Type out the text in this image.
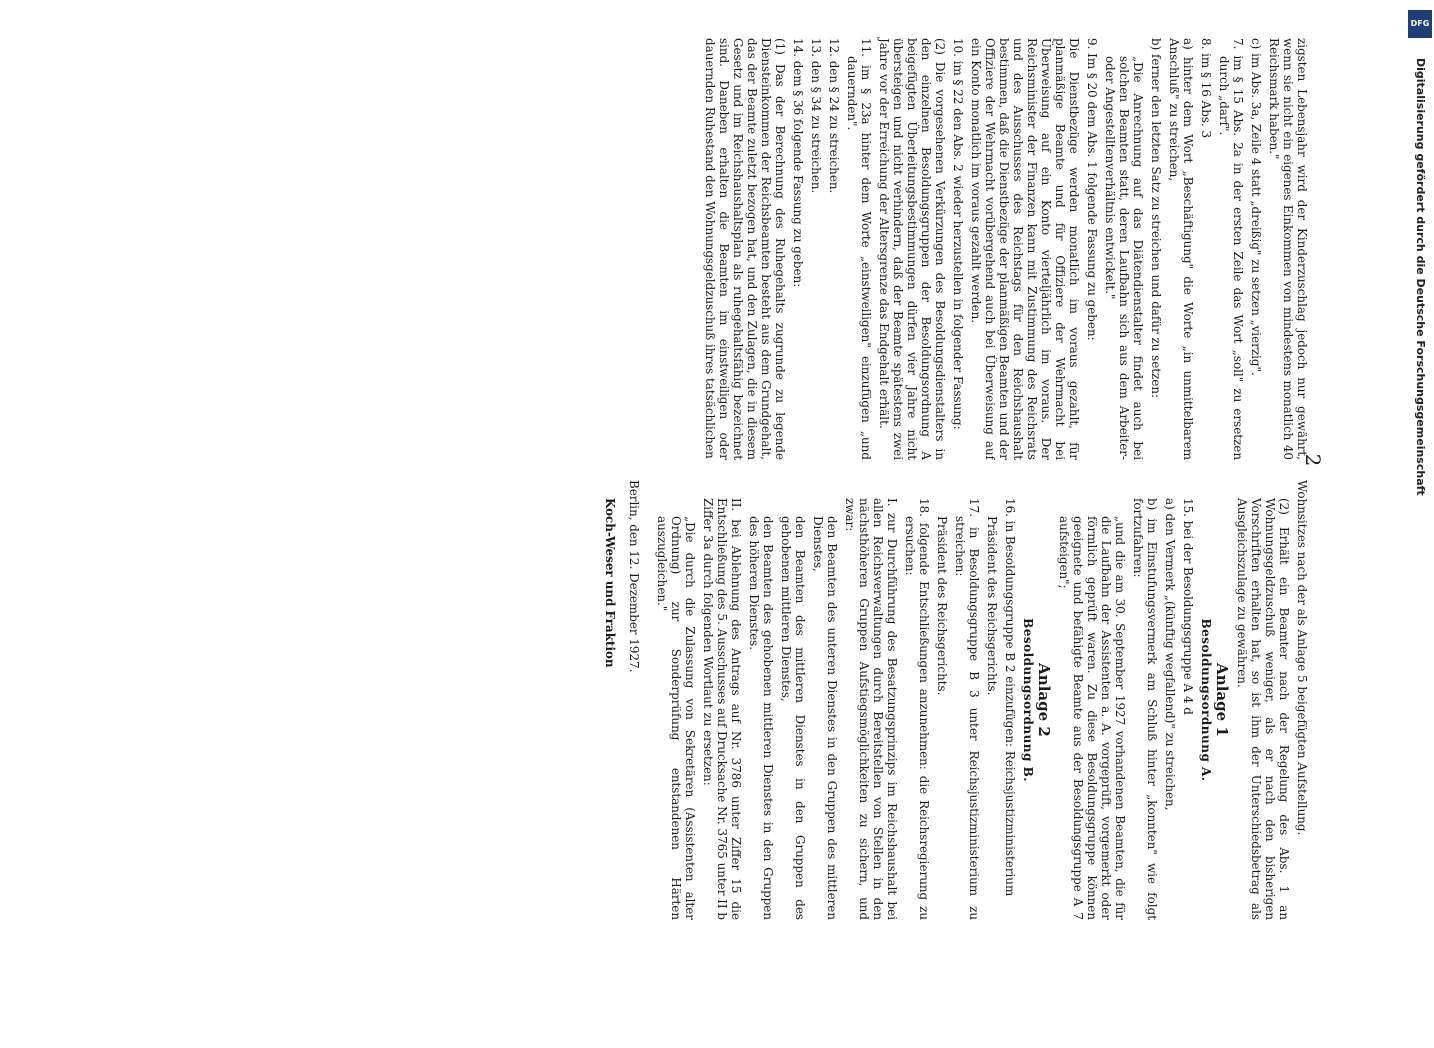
2

zigsten Lebensjahr wird der Kinderzuschlag jedoch nur gewährt, wenn sie nicht ein eigenes Einkommen von mindestens monatlich 40 Reichsmark haben."

c) im Abs. 3a, Zeile 4 statt „dreißig" zu setzen „vierzig".

7. im § 15 Abs. 2a in der ersten Zeile das Wort „soll" zu ersetzen durch „darf".

8. im § 16 Abs. 3

a) hinter dem Wort „Beschäftigung" die Worte „in unmittelbarem Anschluß" zu streichen,

b) ferner den letzten Satz zu streichen und dafür zu setzen:

„Die Anrechnung auf das Diätendienstalter findet auch bei solchen Beamten statt, deren Laufbahn sich aus dem Arbeiter- oder Angestelltenverhältnis entwickelt."

9. Im § 20 dem Abs. 1 folgende Fassung zu geben:

Die Dienstbezüge werden monatlich im voraus gezahlt, für planmäßige Beamte und für Offiziere der Wehrmacht bei Überweisung auf ein Konto vierteljährlich im voraus. Der Reichsminister der Finanzen kann mit Zustimmung des Reichsrats und des Ausschusses des Reichstags für den Reichshaushalt bestimmen, daß die Dienstbezüge der planmäßigen Beamten und der Offiziere der Wehrmacht vorübergehend auch bei Überweisung auf ein Konto monatlich im voraus gezahlt werden.

10. im § 22 den Abs. 2 wieder herzustellen in folgender Fassung:

(2) Die vorgesehenen Verkürzungen des Besoldungsdienstalters in den einzelnen Besoldungsgruppen der Besoldungsordnung A beigefügten Überleitungsbestimmungen dürfen vier Jahre nicht übersteigen und nicht verhindern, daß der Beamte spätestens zwei Jahre vor der Erreichung der Altersgrenze das Endgehalt erhält.

11. im § 23a hinter dem Worte „einstweiligen" einzufügen „und dauernden".

12. den § 24 zu streichen.

13. den § 34 zu streichen.

14. dem § 36 folgende Fassung zu geben:

(1) Das der Berechnung des Ruhegehalts zugrunde zu legende Diensteinkommen der Reichsbeamten besteht aus dem Grundgehalt, das der Beamte zuletzt bezogen hat, und den Zulagen, die in diesem Gesetz und im Reichshaushaltsplan als ruhegehaltsfähig bezeichnet sind. Daneben erhalten die Beamten im einstweiligen oder dauernden Ruhestand den Wohnungsgeldzuschuß ihres tatsächlichen

Wohnsitzes nach der als Anlage 5 beigefügten Aufstellung.

(2) Erhält ein Beamter nach der Regelung des Abs. 1 an Wohnungsgeldzuschuß weniger, als er nach den bisherigen Vorschriften erhalten hat, so ist ihm der Unterschiedsbetrag als Ausgleichszulage zu gewähren.

Anlage 1
Besoldungsordnung A.

15. bei der Besoldungsgruppe A 4 d

a) den Vermerk „(künftig wegfallend)" zu streichen,

b) im Einstufungsvermerk am Schluß hinter „konnten" wie folgt fortzufahren:

„und die am 30. September 1927 vorhandenen Beamten, die für die Laufbahn der Assistenten a. A. vorgeprüft, vorgemerkt oder förmlich geprüft waren. Zu diese Besoldungsgruppe können geeignete und befähigte Beamte aus der Besoldungsgruppe A 7 aufsteigen";

Anlage 2
Besoldungsordnung B.

16. in Besoldungsgruppe B 2 einzufügen: Reichsjustizministerium

Präsident des Reichsgerichts.

17. in Besoldungsgruppe B 3 unter Reichsjustizministerium zu streichen:

Präsident des Reichsgerichts.

18. folgende Entschließungen anzunehmen: die Reichsregierung zu ersuchen:

I. zur Durchführung des Besatzungsprinzips im Reichshaushalt bei allen Reichsverwaltungen durch Bereitstellen von Stellen in den nächsthöheren Gruppen Aufstiegsmöglichkeiten zu sichern, und zwar:

den Beamten des unteren Dienstes in den Gruppen des mittleren Dienstes,

den Beamten des mittleren Dienstes in den Gruppen des gehobenen mittleren Dienstes,

den Beamten des gehobenen mittleren Dienstes in den Gruppen des höheren Dienstes.

II. bei Ablehnung des Antrags auf Nr. 3786 unter Ziffer 15 die Entschließung des 5. Ausschusses auf Drucksache Nr. 3765 unter II b Ziffer 3a durch folgenden Wortlaut zu ersetzen:

„Die durch die Zulassung von Sekretären (Assistenten alter Ordnung) zur Sonderprüfung entstandenen Härten auszugleichen."

Berlin, den 12. Dezember 1927.

Koch-Weser und Fraktion

Digitalisierung gefördert durch die Deutsche Forschungsgemeinschaft
DFG
